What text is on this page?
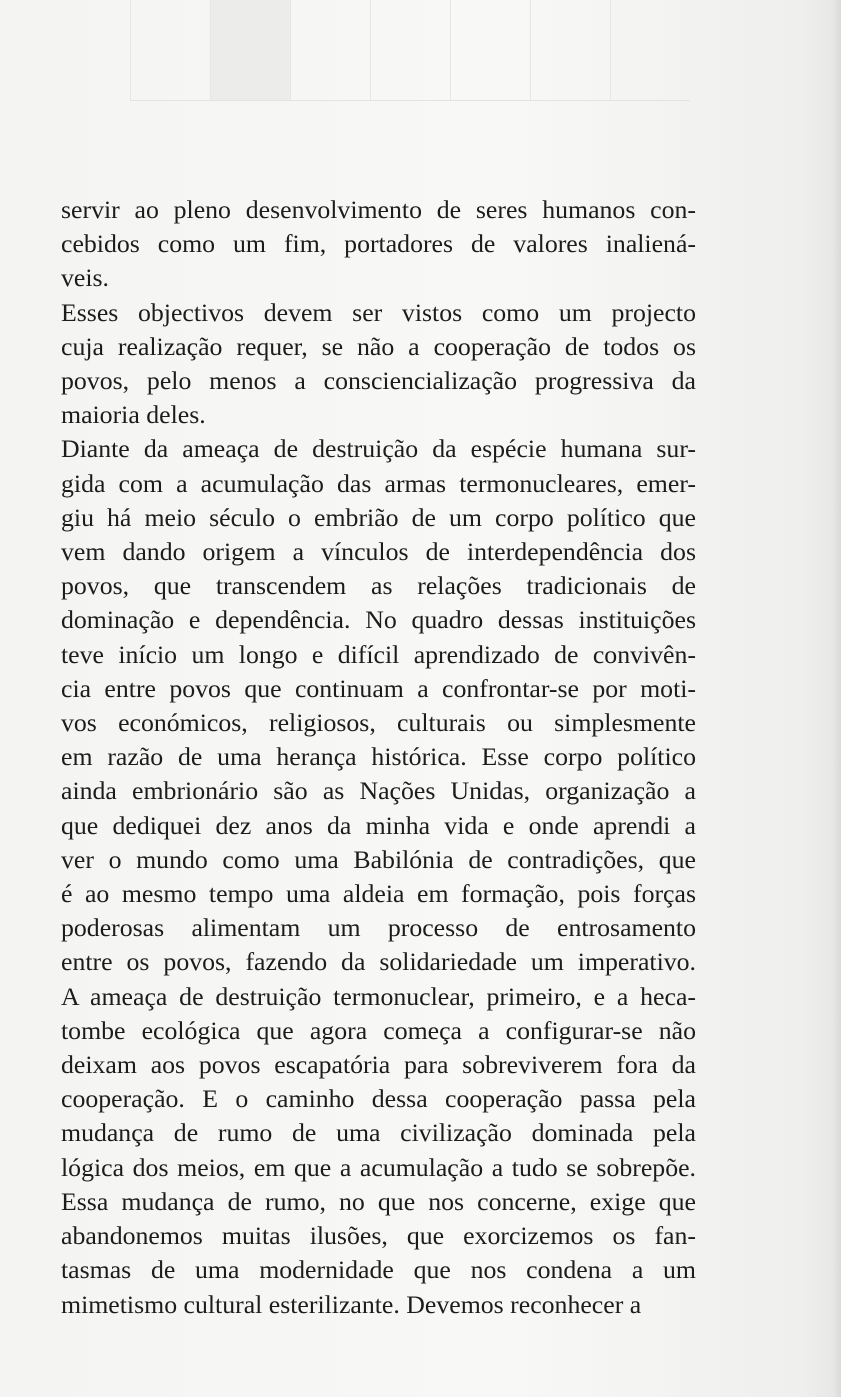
servir ao pleno desenvolvimento de seres humanos con-
cebidos como um fim, portadores de valores inaliená-
veis.

Esses objectivos devem ser vistos como um projecto
cuja realização requer, se não a cooperação de todos os
povos, pelo menos a consciencialização progressiva da
maioria deles.

Diante da ameaça de destruição da espécie humana sur-
gida com a acumulação das armas termonucleares, emer-
giu há meio século o embrião de um corpo político que
vem dando origem a vínculos de interdependência dos
povos, que transcendem as relações tradicionais de
dominação e dependência. No quadro dessas instituições
teve início um longo e difícil aprendizado de convivên-
cia entre povos que continuam a confrontar-se por moti-
vos económicos, religiosos, culturais ou simplesmente
em razão de uma herança histórica. Esse corpo político
ainda embrionário são as Nações Unidas, organização a
que dediquei dez anos da minha vida e onde aprendi a
ver o mundo como uma Babilónia de contradições, que
é ao mesmo tempo uma aldeia em formação, pois forças
poderosas alimentam um processo de entrosamento
entre os povos, fazendo da solidariedade um imperativo.
A ameaça de destruição termonuclear, primeiro, e a heca-
tombe ecológica que agora começa a configurar-se não
deixam aos povos escapatória para sobreviverem fora da
cooperação. E o caminho dessa cooperação passa pela
mudança de rumo de uma civilização dominada pela
lógica dos meios, em que a acumulação a tudo se sobrepõe.
Essa mudança de rumo, no que nos concerne, exige que
abandonemos muitas ilusões, que exorcizemos os fan-
tasmas de uma modernidade que nos condena a um
mimetismo cultural esterilizante. Devemos reconhecer a
